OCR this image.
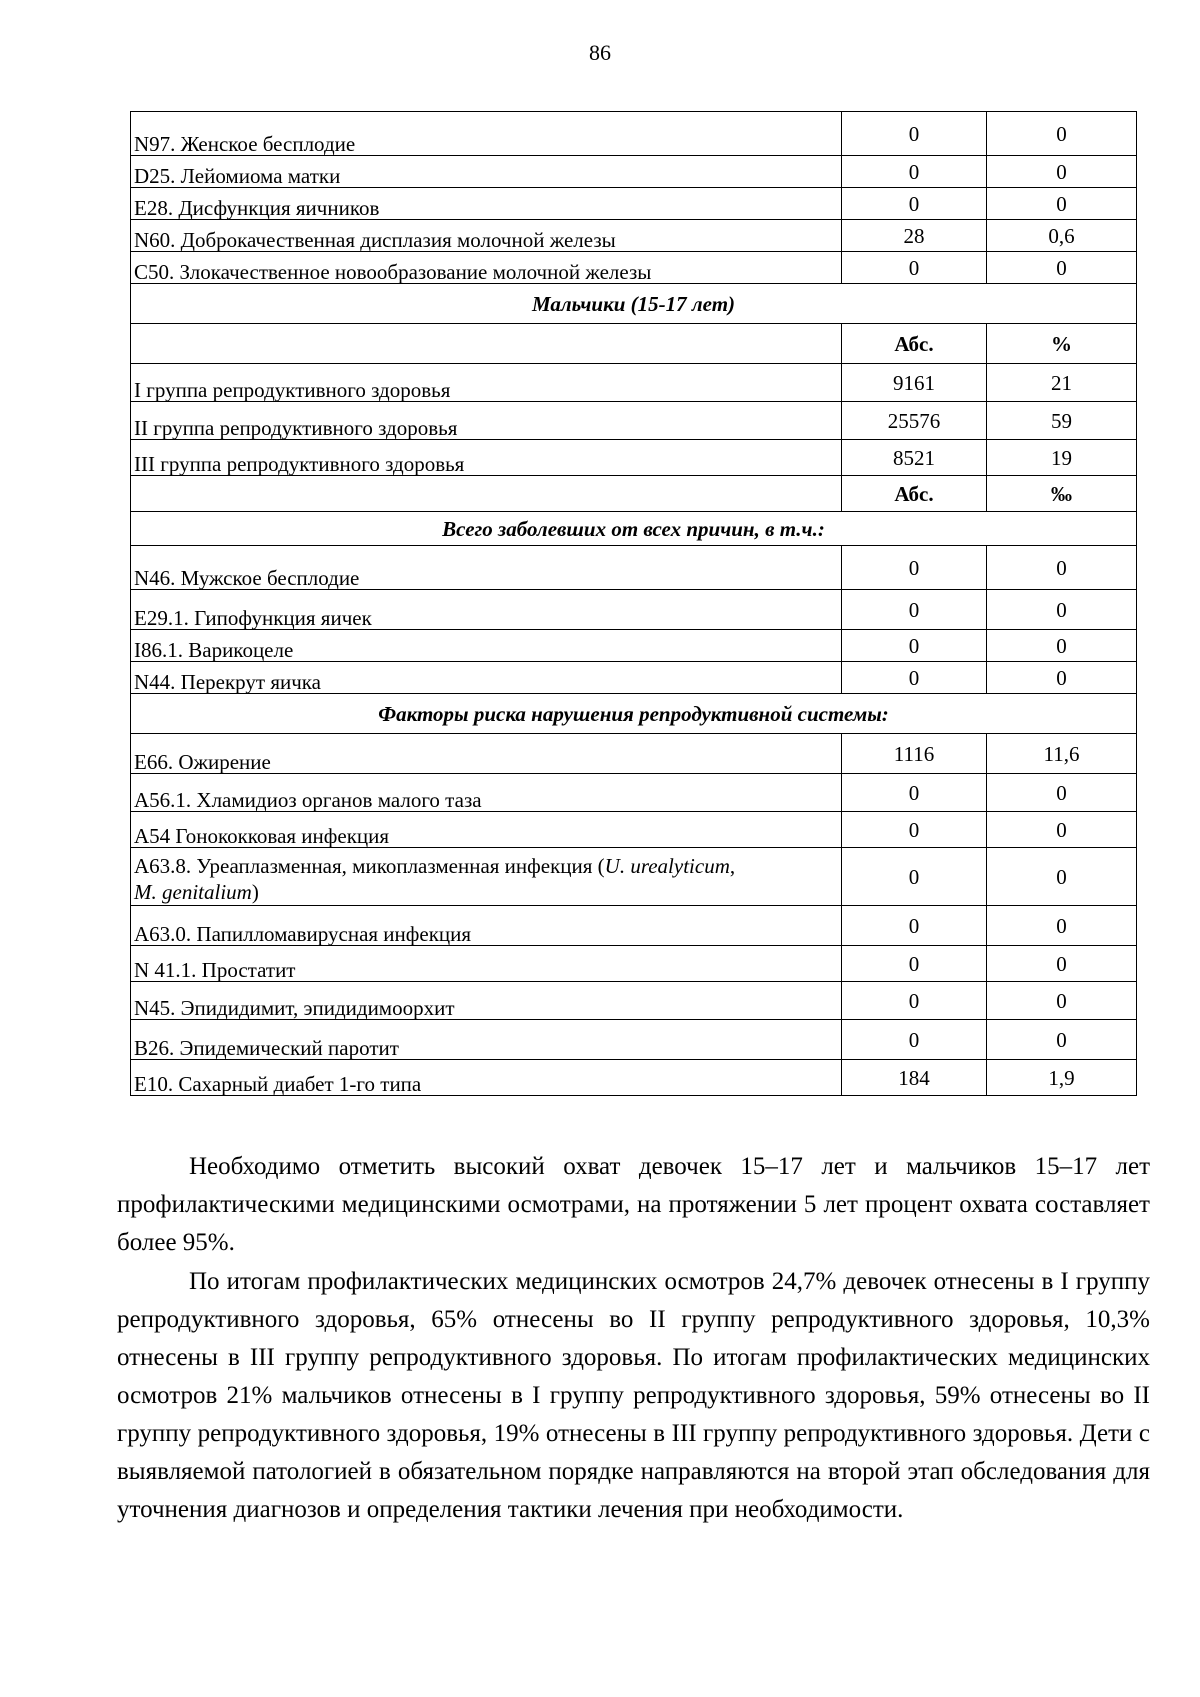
86
N97. Женское бесплодие	0	0
D25. Лейомиома матки	0	0
E28. Дисфункция яичников	0	0
N60. Доброкачественная дисплазия молочной железы	28	0,6
C50. Злокачественное новообразование молочной железы	0	0
Мальчики (15-17 лет)		
	Абс.	%
I группа репродуктивного здоровья	9161	21
II группа репродуктивного здоровья	25576	59
III группа репродуктивного здоровья	8521	19
	Абс.	‰
Всего заболевших от всех причин, в т.ч.:		
N46. Мужское бесплодие	0	0
E29.1. Гипофункция яичек	0	0
I86.1. Варикоцеле	0	0
N44. Перекрут яичка	0	0
Факторы риска нарушения репродуктивной системы:		
E66. Ожирение	1116	11,6
A56.1. Хламидиоз органов малого таза	0	0
A54 Гонококковая инфекция	0	0
A63.8. Уреаплазменная, микоплазменная инфекция (U. urealyticum,
M. genitalium)	0	0
A63.0. Папилломавирусная инфекция	0	0
N 41.1. Простатит	0	0
N45. Эпидидимит, эпидидимоорхит	0	0
B26. Эпидемический паротит	0	0
E10. Сахарный диабет 1-го типа	184	1,9

Необходимо отметить высокий охват девочек 15–17 лет и мальчиков 15–17 лет профилактическими медицинскими осмотрами, на протяжении 5 лет процент охвата составляет более 95%.

По итогам профилактических медицинских осмотров 24,7% девочек отнесены в I группу репродуктивного здоровья, 65% отнесены во II группу репродуктивного здоровья, 10,3% отнесены в III группу репродуктивного здоровья. По итогам профилактических медицинских осмотров 21% мальчиков отнесены в I группу репродуктивного здоровья, 59% отнесены во II группу репродуктивного здоровья, 19% отнесены в III группу репродуктивного здоровья. Дети с выявляемой патологией в обязательном порядке направляются на второй этап обследования для уточнения диагнозов и определения тактики лечения при необходимости.
